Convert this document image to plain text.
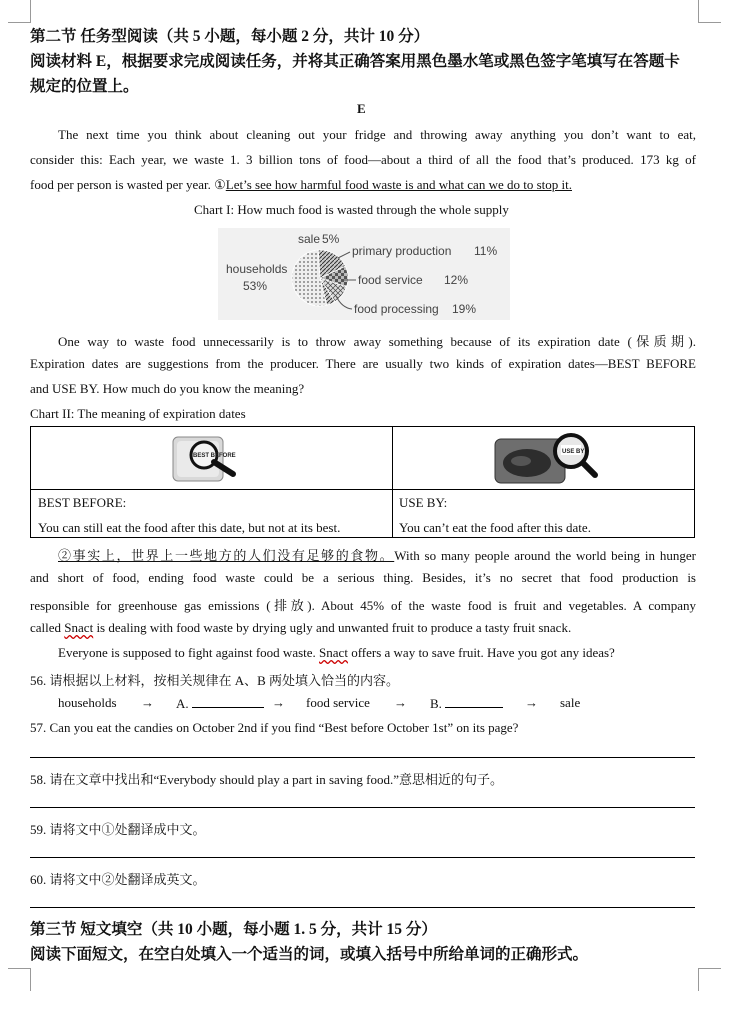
第二节 任务型阅读（共 5 小题，每小题 2 分，共计 10 分）
阅读材料 E，根据要求完成阅读任务，并将其正确答案用黑色墨水笔或黑色签字笔填写在答题卡
规定的位置上。
E
The next time you think about cleaning out your fridge and throwing away anything you don’t want to eat,
consider this: Each year, we waste 1. 3 billion tons of food—about a third of all the food that’s produced. 173 kg of
food per person is wasted per year. ①Let’s see how harmful food waste is and what can we do to stop it.
Chart I: How much food is wasted through the whole supply
households
53%
sale 5%
primary production 11%
food service 12%
food processing 19%
One way to waste food unnecessarily is to throw away something because of its expiration date (保质期).
Expiration dates are suggestions from the producer. There are usually two kinds of expiration dates—BEST BEFORE
and USE BY. How much do you know the meaning?
Chart II: The meaning of expiration dates
BEST BEFORE
USE BY
BEST BEFORE:
You can still eat the food after this date, but not at its best.
USE BY:
You can’t eat the food after this date.
②事实上，世界上一些地方的人们没有足够的食物。With so many people around the world being in hunger
and short of food, ending food waste could be a serious thing. Besides, it’s no secret that food production is
responsible for greenhouse gas emissions (排放). About 45% of the waste food is fruit and vegetables. A company
called Snact is dealing with food waste by drying ugly and unwanted fruit to produce a tasty fruit snack.
Everyone is supposed to fight against food waste. Snact offers a way to save fruit. Have you got any ideas?
56. 请根据以上材料，按相关规律在 A、B 两处填入恰当的内容。
households → A.	→ food service → B.	→ sale
57. Can you eat the candies on October 2nd if you find “Best before October 1st” on its page?
58. 请在文章中找出和“Everybody should play a part in saving food.”意思相近的句子。
59. 请将文中①处翻译成中文。
60. 请将文中②处翻译成英文。
第三节 短文填空（共 10 小题，每小题 1. 5 分，共计 15 分）
阅读下面短文，在空白处填入一个适当的词，或填入括号中所给单词的正确形式。
